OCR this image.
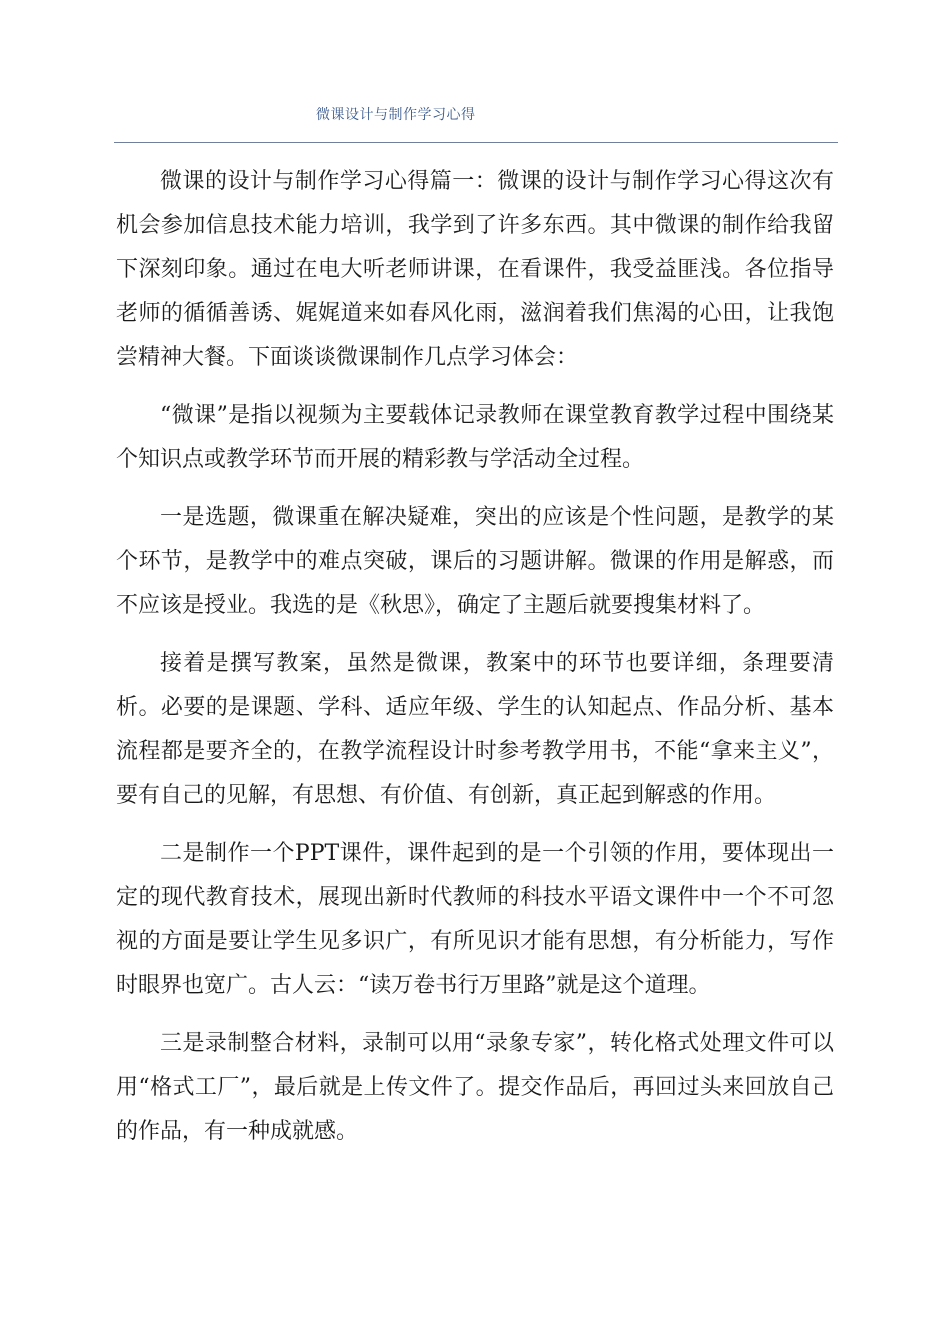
微课设计与制作学习心得

微课的设计与制作学习心得篇一：微课的设计与制作学习心得这次有机会参加信息技术能力培训，我学到了许多东西。其中微课的制作给我留下深刻印象。通过在电大听老师讲课，在看课件，我受益匪浅。各位指导老师的循循善诱、娓娓道来如春风化雨，滋润着我们焦渴的心田，让我饱尝精神大餐。下面谈谈微课制作几点学习体会：

“微课”是指以视频为主要载体记录教师在课堂教育教学过程中围绕某个知识点或教学环节而开展的精彩教与学活动全过程。

一是选题，微课重在解决疑难，突出的应该是个性问题，是教学的某个环节，是教学中的难点突破，课后的习题讲解。微课的作用是解惑，而不应该是授业。我选的是《秋思》，确定了主题后就要搜集材料了。

接着是撰写教案，虽然是微课，教案中的环节也要详细，条理要清析。必要的是课题、学科、适应年级、学生的认知起点、作品分析、基本流程都是要齐全的，在教学流程设计时参考教学用书，不能“拿来主义”，要有自己的见解，有思想、有价值、有创新，真正起到解惑的作用。

二是制作一个PPT课件，课件起到的是一个引领的作用，要体现出一定的现代教育技术，展现出新时代教师的科技水平语文课件中一个不可忽视的方面是要让学生见多识广，有所见识才能有思想，有分析能力，写作时眼界也宽广。古人云：“读万卷书行万里路”就是这个道理。

三是录制整合材料，录制可以用“录象专家”，转化格式处理文件可以用“格式工厂”，最后就是上传文件了。提交作品后，再回过头来回放自己的作品，有一种成就感。
